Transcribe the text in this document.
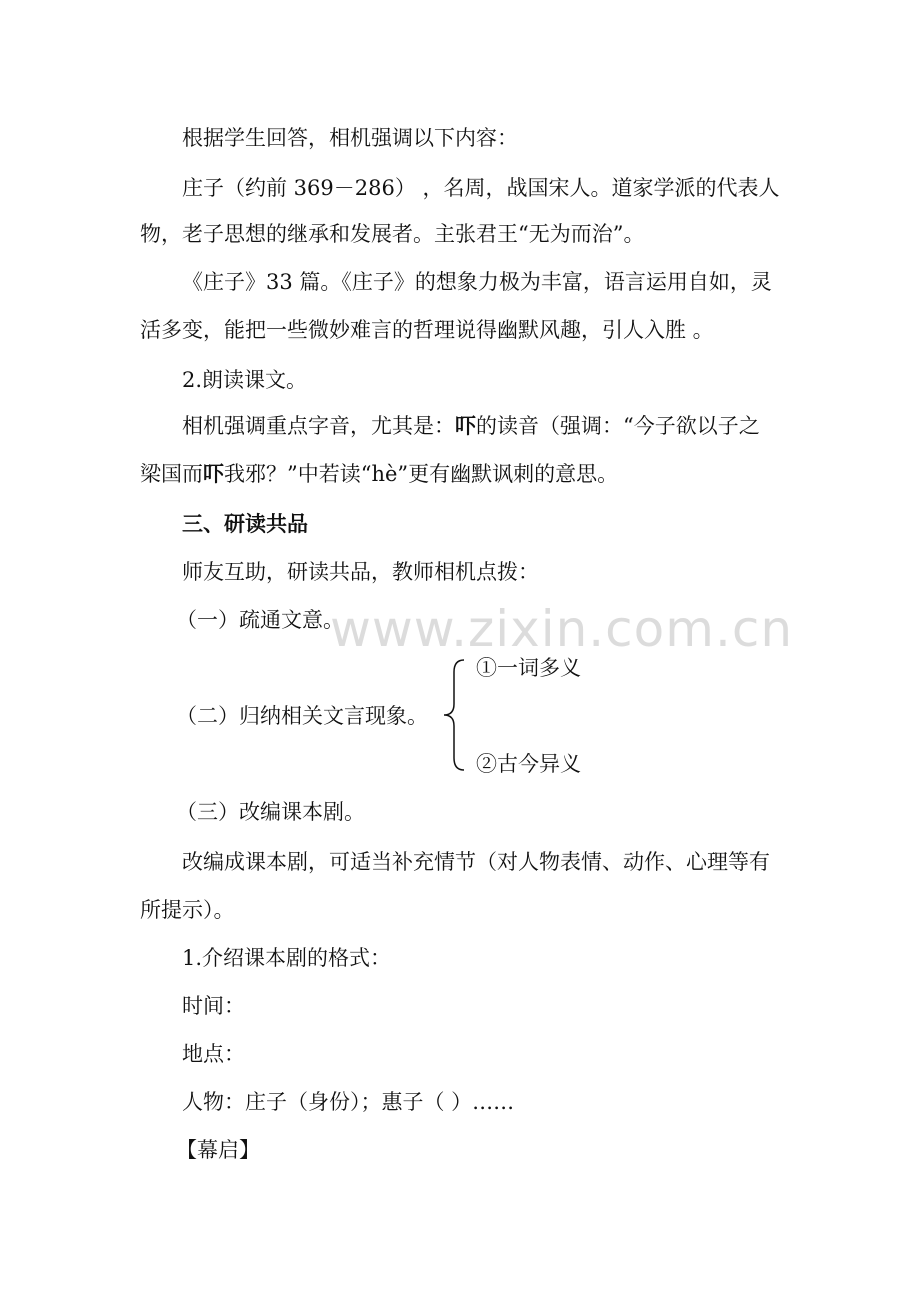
www.zixin.com.cn
根据学生回答，相机强调以下内容：
庄子（约前 369－286） ，名周，战国宋人。道家学派的代表人
物，老子思想的继承和发展者。主张君王“无为而治”。
《庄子》33 篇。《庄子》的想象力极为丰富，语言运用自如，灵
活多变，能把一些微妙难言的哲理说得幽默风趣，引人入胜 。
2.朗读课文。
相机强调重点字音，尤其是：吓的读音（强调：“今子欲以子之
梁国而吓我邪？”中若读“hè”更有幽默讽刺的意思。
三、研读共品
师友互助，研读共品，教师相机点拨：
（一）疏通文意。
①一词多义
（二）归纳相关文言现象。
②古今异义
（三）改编课本剧。
改编成课本剧，可适当补充情节（对人物表情、动作、心理等有
所提示）。
1.介绍课本剧的格式：
时间：
地点：
人物：庄子（身份）；惠子（ ）……
【幕启】
